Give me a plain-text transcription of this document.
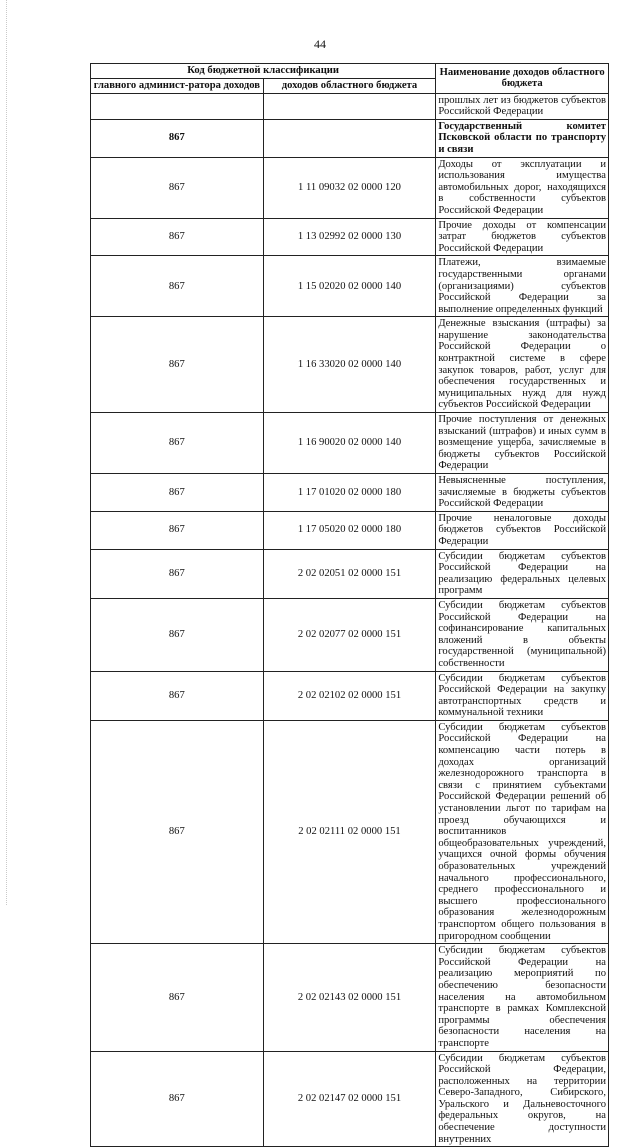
44
Код бюджетной классификации		Наименование доходов областного бюджета
главного админист-ратора доходов	доходов областного бюджета	
		прошлых лет из бюджетов субъектов Российской Федерации
867		Государственный комитет Псковской области по транспорту и связи
867	1 11 09032 02 0000 120	Доходы от эксплуатации и использования имущества автомобильных дорог, находящихся в собственности субъектов Российской Федерации
867	1 13 02992 02 0000 130	Прочие доходы от компенсации затрат бюджетов субъектов Российской Федерации
867	1 15 02020 02 0000 140	Платежи, взимаемые государственными органами (организациями) субъектов Российской Федерации за выполнение определенных функций
867	1 16 33020 02 0000 140	Денежные взыскания (штрафы) за нарушение законодательства Российской Федерации о контрактной системе в сфере закупок товаров, работ, услуг для обеспечения государственных и муниципальных нужд для нужд субъектов Российской Федерации
867	1 16 90020 02 0000 140	Прочие поступления от денежных взысканий (штрафов) и иных сумм в возмещение ущерба, зачисляемые в бюджеты субъектов Российской Федерации
867	1 17 01020 02 0000 180	Невыясненные поступления, зачисляемые в бюджеты субъектов Российской Федерации
867	1 17 05020 02 0000 180	Прочие неналоговые доходы бюджетов субъектов Российской Федерации
867	2 02 02051 02 0000 151	Субсидии бюджетам субъектов Российской Федерации на реализацию федеральных целевых программ
867	2 02 02077 02 0000 151	Субсидии бюджетам субъектов Российской Федерации на софинансирование капитальных вложений в объекты государственной (муниципальной) собственности
867	2 02 02102 02 0000 151	Субсидии бюджетам субъектов Российской Федерации на закупку автотранспортных средств и коммунальной техники
867	2 02 02111 02 0000 151	Субсидии бюджетам субъектов Российской Федерации на компенсацию части потерь в доходах организаций железнодорожного транспорта в связи с принятием субъектами Российской Федерации решений об установлении льгот по тарифам на проезд обучающихся и воспитанников общеобразовательных учреждений, учащихся очной формы обучения образовательных учреждений начального профессионального, среднего профессионального и высшего профессионального образования железнодорожным транспортом общего пользования в пригородном сообщении
867	2 02 02143 02 0000 151	Субсидии бюджетам субъектов Российской Федерации на реализацию мероприятий по обеспечению безопасности населения на автомобильном транспорте в рамках Комплексной программы обеспечения безопасности населения на транспорте
867	2 02 02147 02 0000 151	Субсидии бюджетам субъектов Российской Федерации, расположенных на территории Северо-Западного, Сибирского, Уральского и Дальневосточного федеральных округов, на обеспечение доступности внутренних
